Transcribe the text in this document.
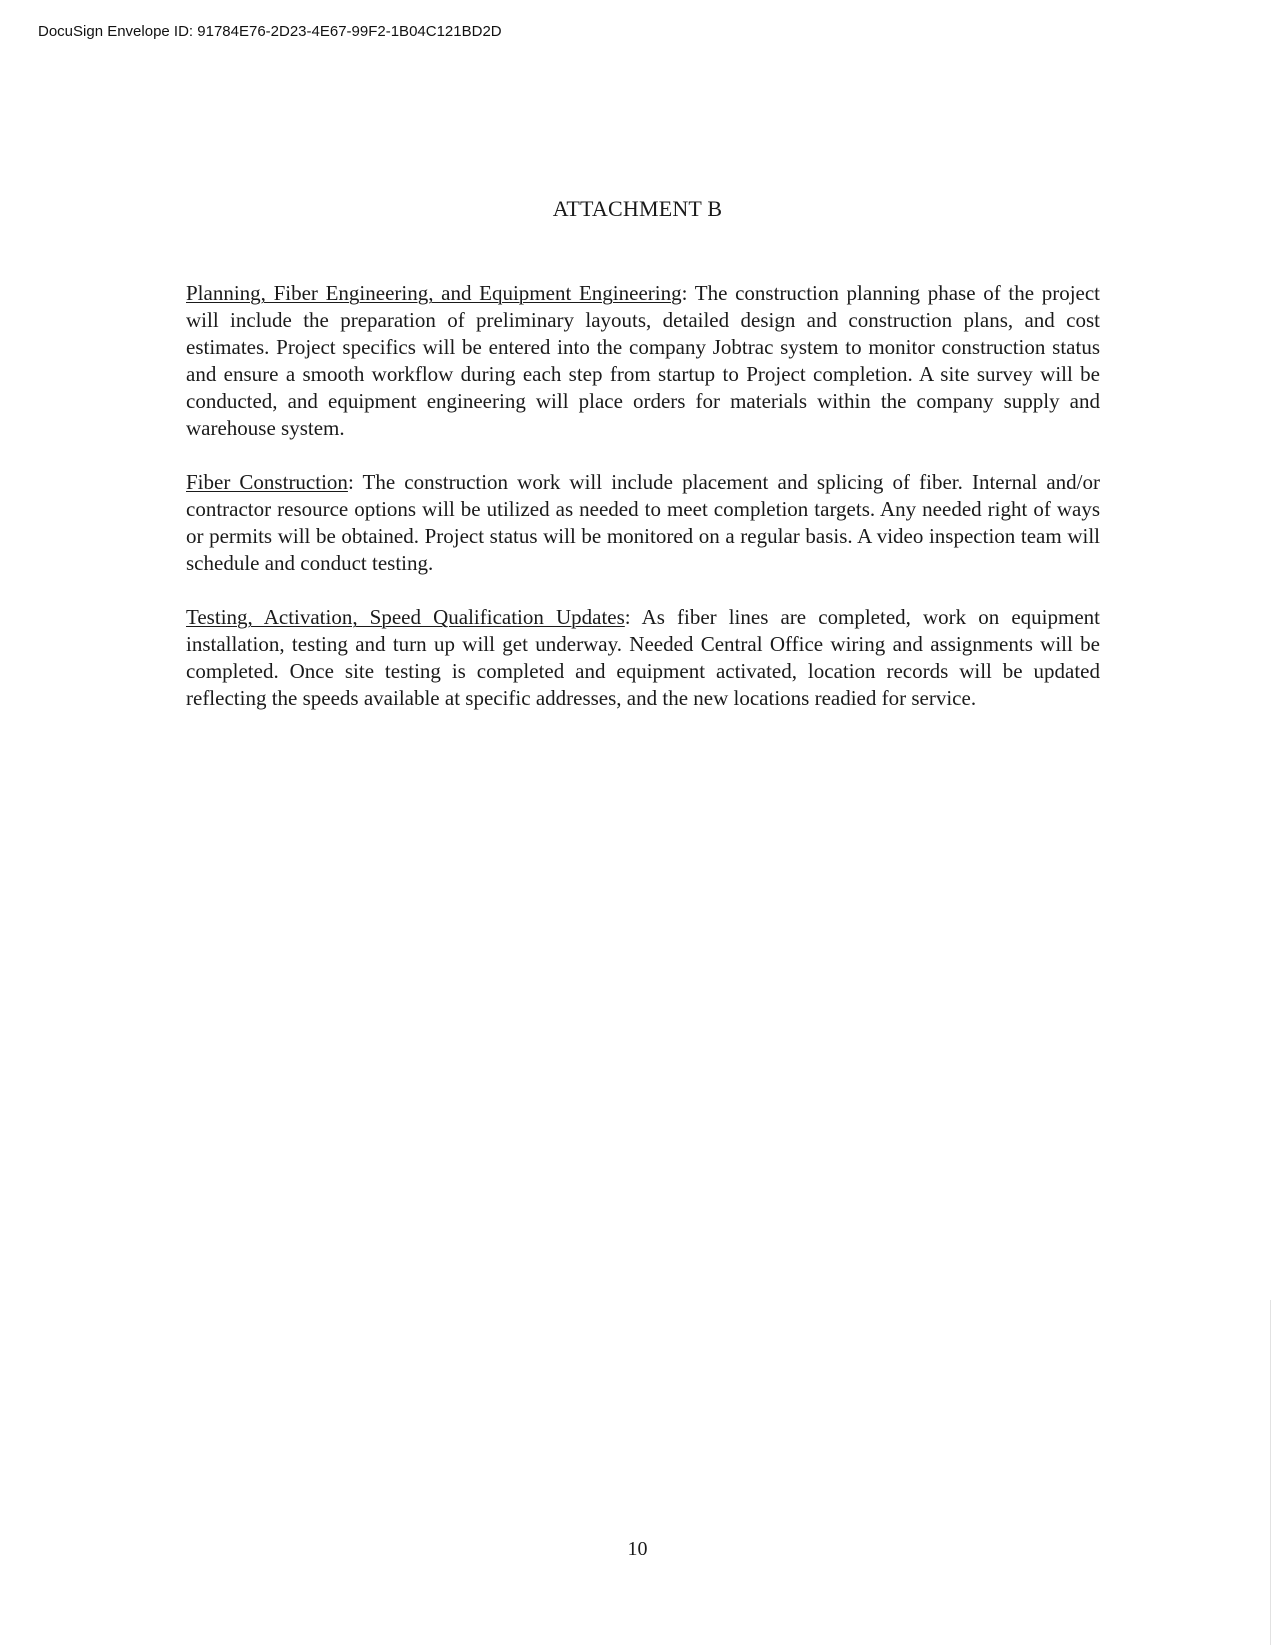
DocuSign Envelope ID: 91784E76-2D23-4E67-99F2-1B04C121BD2D
ATTACHMENT B

Planning, Fiber Engineering, and Equipment Engineering: The construction planning phase of the project will include the preparation of preliminary layouts, detailed design and construction plans, and cost estimates. Project specifics will be entered into the company Jobtrac system to monitor construction status and ensure a smooth workflow during each step from startup to Project completion. A site survey will be conducted, and equipment engineering will place orders for materials within the company supply and warehouse system.

Fiber Construction: The construction work will include placement and splicing of fiber. Internal and/or contractor resource options will be utilized as needed to meet completion targets. Any needed right of ways or permits will be obtained. Project status will be monitored on a regular basis. A video inspection team will schedule and conduct testing.

Testing, Activation, Speed Qualification Updates: As fiber lines are completed, work on equipment installation, testing and turn up will get underway. Needed Central Office wiring and assignments will be completed. Once site testing is completed and equipment activated, location records will be updated reflecting the speeds available at specific addresses, and the new locations readied for service.

10
